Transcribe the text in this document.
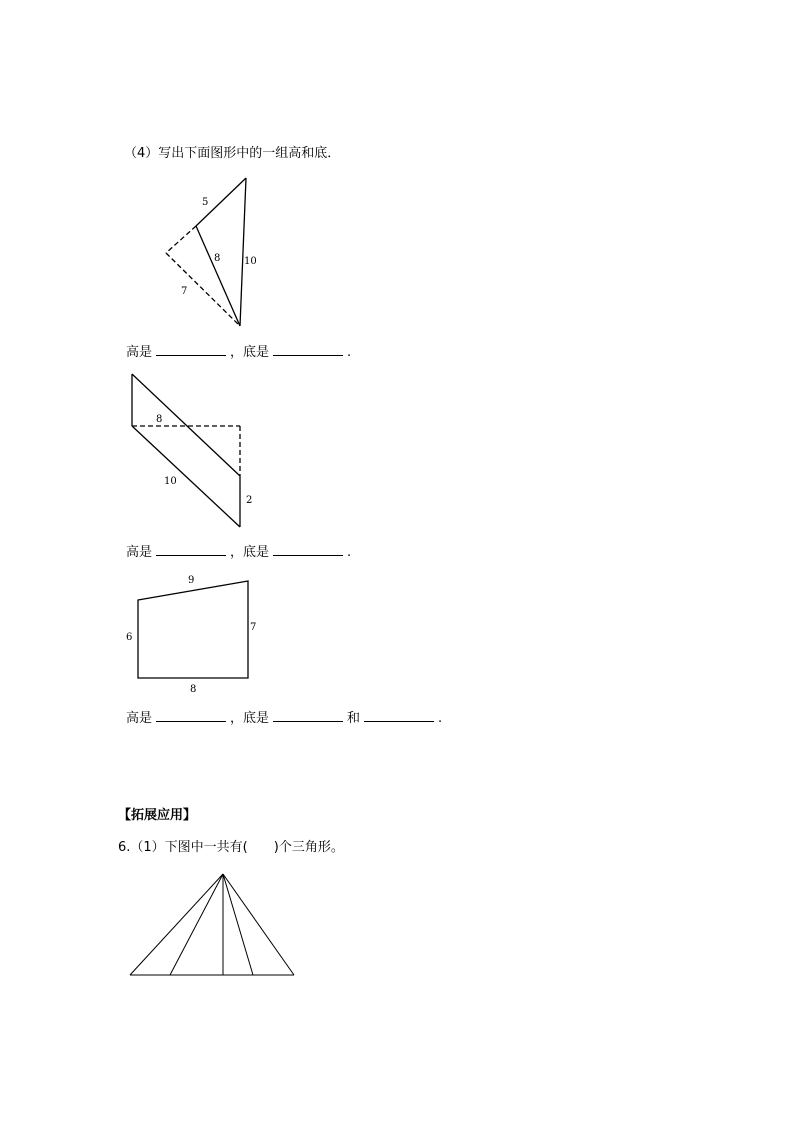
（4）写出下面图形中的一组高和底．
5
8 10
7
8
10
2
9
6
7
8
高是	，底是	.
高是	，底是	.
高是	，底是	和	.
【拓展应用】
6.（1）下图中一共有(　　)个三角形。
